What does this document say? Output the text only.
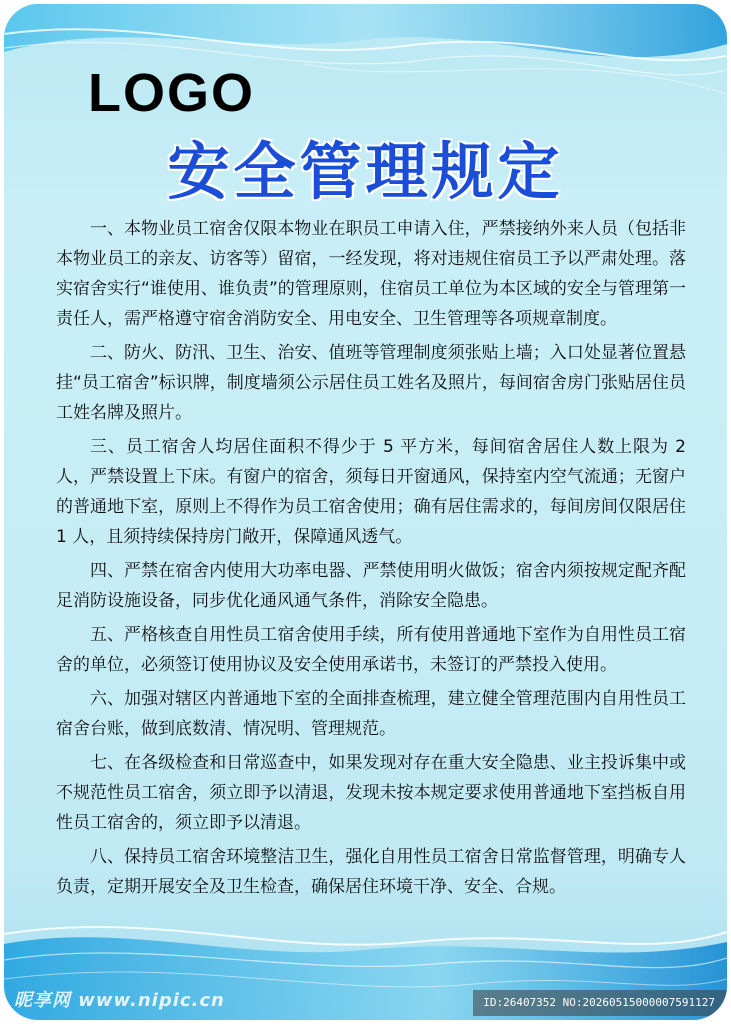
LOGO
安全管理规定

一、本物业员工宿舍仅限本物业在职员工申请入住，严禁接纳外来人员（包括非本物业员工的亲友、访客等）留宿，一经发现，将对违规住宿员工予以严肃处理。落实宿舍实行“谁使用、谁负责”的管理原则，住宿员工单位为本区域的安全与管理第一责任人，需严格遵守宿舍消防安全、用电安全、卫生管理等各项规章制度。

二、防火、防汛、卫生、治安、值班等管理制度须张贴上墙；入口处显著位置悬挂“员工宿舍”标识牌，制度墙须公示居住员工姓名及照片，每间宿舍房门张贴居住员工姓名牌及照片。

三、员工宿舍人均居住面积不得少于 5 平方米，每间宿舍居住人数上限为 2 人，严禁设置上下床。有窗户的宿舍，须每日开窗通风，保持室内空气流通；无窗户的普通地下室，原则上不得作为员工宿舍使用；确有居住需求的，每间房间仅限居住 1 人，且须持续保持房门敞开，保障通风透气。

四、严禁在宿舍内使用大功率电器、严禁使用明火做饭；宿舍内须按规定配齐配足消防设施设备，同步优化通风通气条件，消除安全隐患。

五、严格核查自用性员工宿舍使用手续，所有使用普通地下室作为自用性员工宿舍的单位，必须签订使用协议及安全使用承诺书，未签订的严禁投入使用。

六、加强对辖区内普通地下室的全面排查梳理，建立健全管理范围内自用性员工宿舍台账，做到底数清、情况明、管理规范。

七、在各级检查和日常巡查中，如果发现对存在重大安全隐患、业主投诉集中或不规范性员工宿舍，须立即予以清退，发现未按本规定要求使用普通地下室挡板自用性员工宿舍的，须立即予以清退。

八、保持员工宿舍环境整洁卫生，强化自用性员工宿舍日常监督管理，明确专人负责，定期开展安全及卫生检查，确保居住环境干净、安全、合规。

昵享网 www.nipic.cn	ID:26407352 NO:20260515000007591127
